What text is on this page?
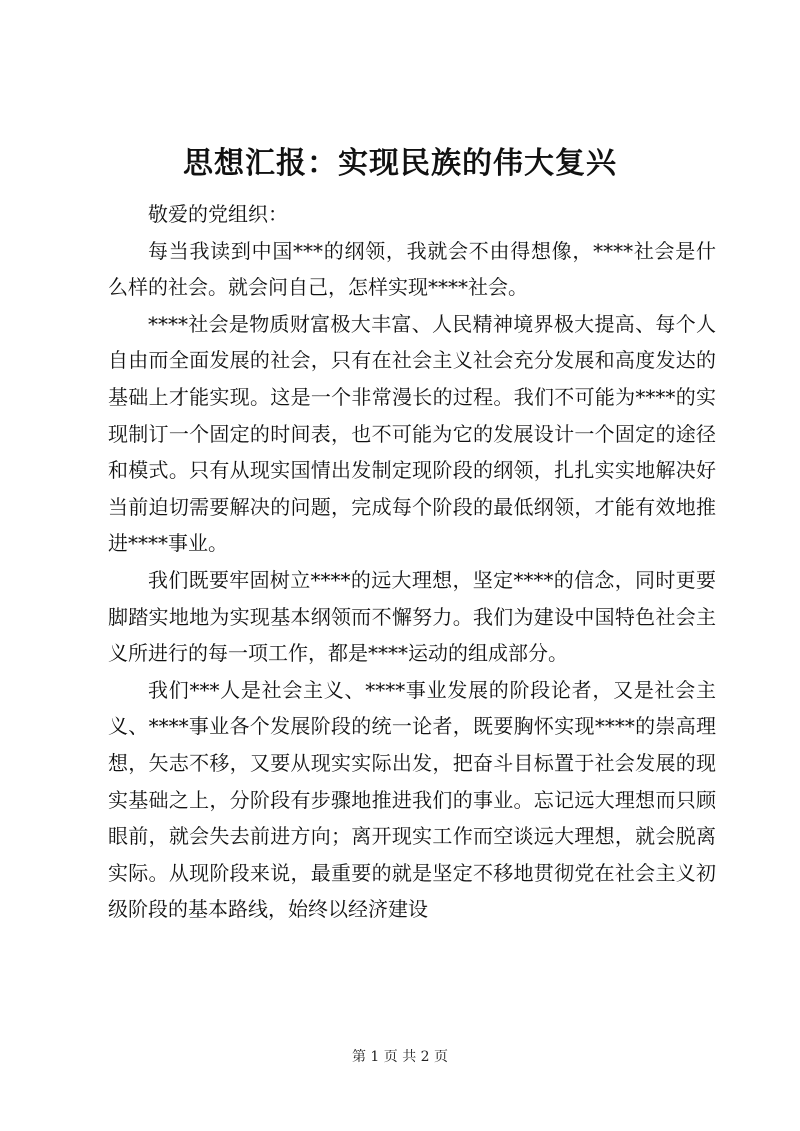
思想汇报：实现民族的伟大复兴

敬爱的党组织：

每当我读到中国***的纲领，我就会不由得想像，****社会是什么样的社会。就会问自己，怎样实现****社会。

****社会是物质财富极大丰富、人民精神境界极大提高、每个人自由而全面发展的社会，只有在社会主义社会充分发展和高度发达的基础上才能实现。这是一个非常漫长的过程。我们不可能为****的实现制订一个固定的时间表，也不可能为它的发展设计一个固定的途径和模式。只有从现实国情出发制定现阶段的纲领，扎扎实实地解决好当前迫切需要解决的问题，完成每个阶段的最低纲领，才能有效地推进****事业。

我们既要牢固树立****的远大理想，坚定****的信念，同时更要脚踏实地地为实现基本纲领而不懈努力。我们为建设中国特色社会主义所进行的每一项工作，都是****运动的组成部分。

我们***人是社会主义、****事业发展的阶段论者，又是社会主义、****事业各个发展阶段的统一论者，既要胸怀实现****的崇高理想，矢志不移，又要从现实实际出发，把奋斗目标置于社会发展的现实基础之上，分阶段有步骤地推进我们的事业。忘记远大理想而只顾眼前，就会失去前进方向；离开现实工作而空谈远大理想，就会脱离实际。从现阶段来说，最重要的就是坚定不移地贯彻党在社会主义初级阶段的基本路线，始终以经济建设

第 1 页 共 2 页
